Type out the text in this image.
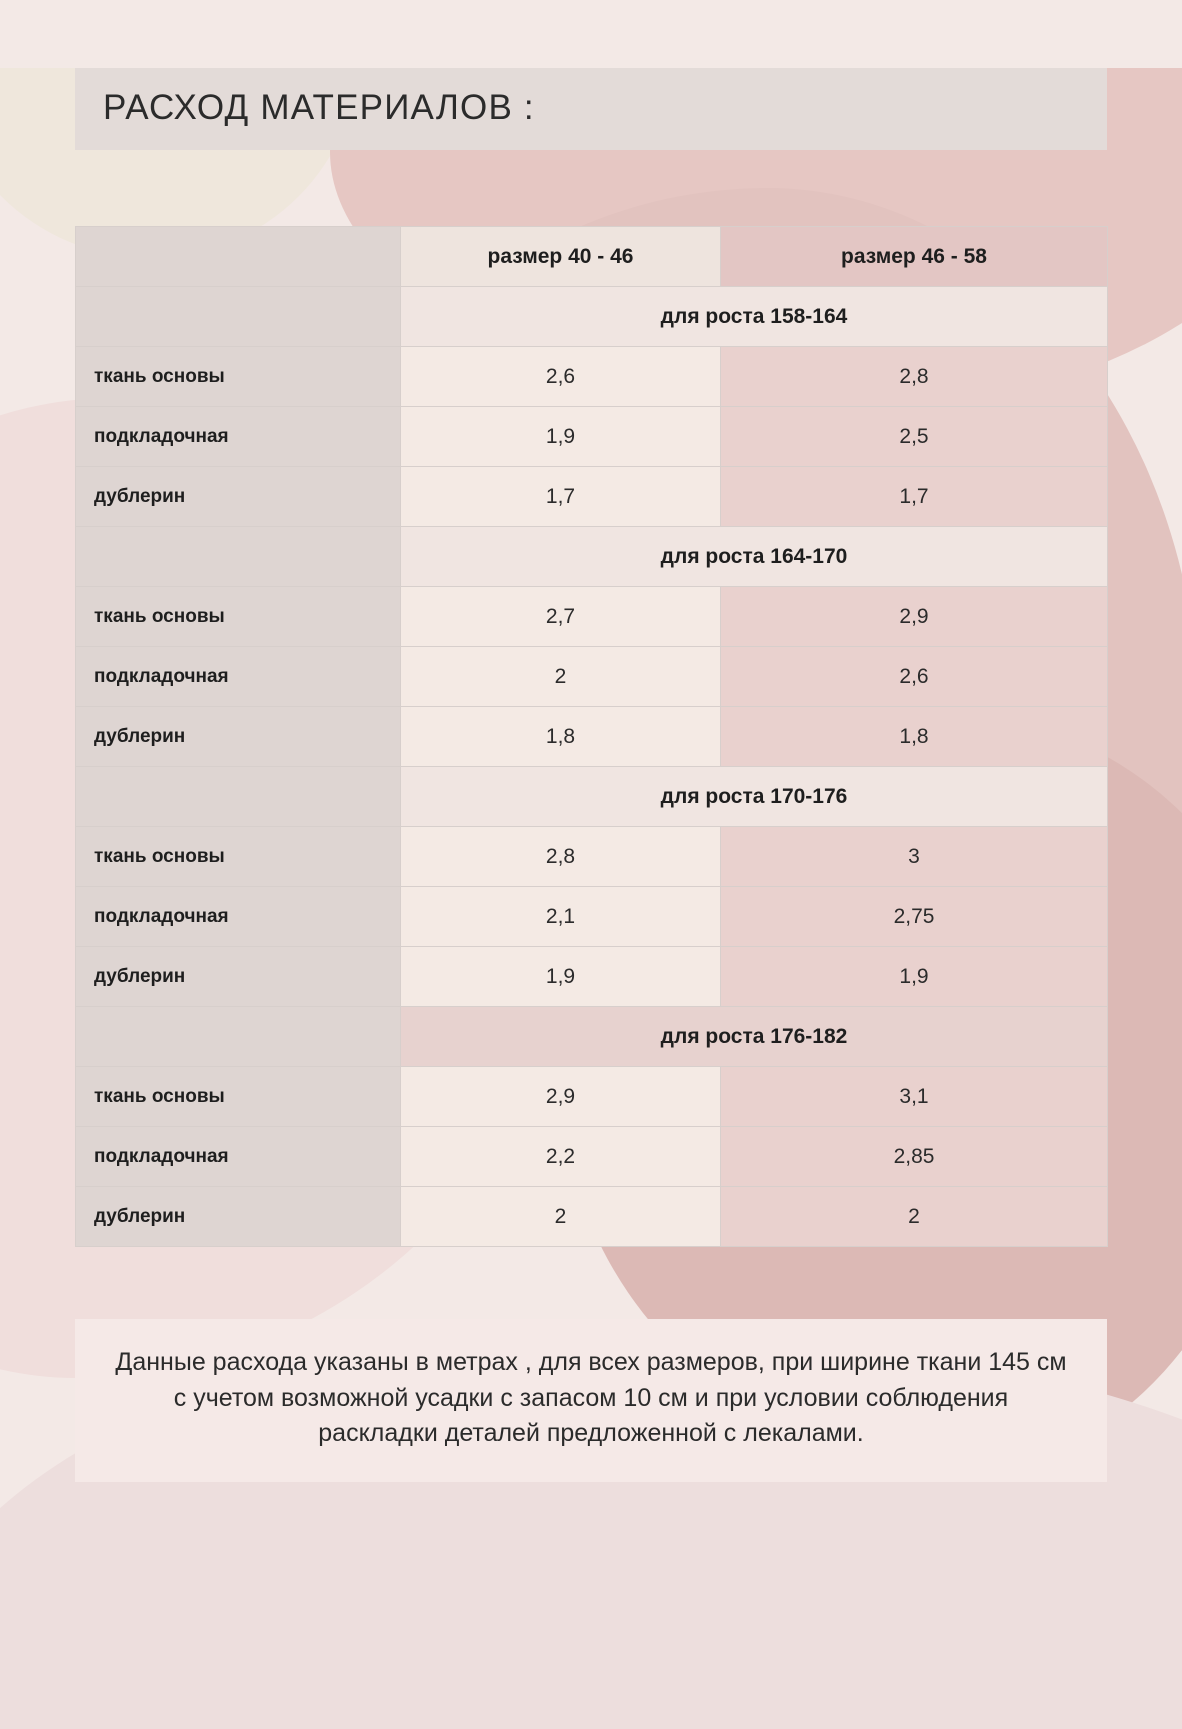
РАСХОД МАТЕРИАЛОВ :
	размер 40 - 46	размер 46 - 58
	для роста 158-164	
ткань основы	2,6	2,8
подкладочная	1,9	2,5
дублерин	1,7	1,7
	для роста 164-170	
ткань основы	2,7	2,9
подкладочная	2	2,6
дублерин	1,8	1,8
	для роста 170-176	
ткань основы	2,8	3
подкладочная	2,1	2,75
дублерин	1,9	1,9
	для роста 176-182	
ткань основы	2,9	3,1
подкладочная	2,2	2,85
дублерин	2	2
Данные расхода указаны в метрах , для всех размеров, при ширине ткани 145 см с учетом возможной усадки с запасом 10 см и при условии соблюдения раскладки деталей предложенной с лекалами.
